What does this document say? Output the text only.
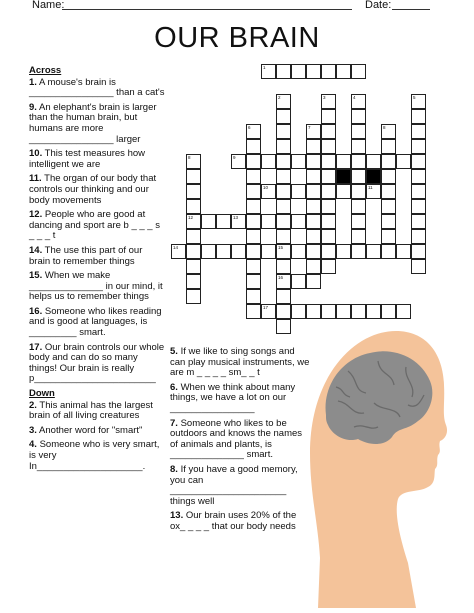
Name:	Date:
OUR BRAIN
Across
1. A mouse's brain is ________________ than a cat's
9. An elephant's brain is larger than the human brain, but humans are more ________________ larger
10. This test measures how intelligent we are
11. The organ of our body that controls our thinking and our body movements
12. People who are good at dancing and sport are b _ _ _ s _ _ _ t
14. The use this part of our brain to remember things
15. When we make ______________ in our mind, it helps us to remember things
16. Someone who likes reading and is good at languages, is _________ smart.
17. Our brain controls our whole body and can do so many things! Our brain is really p_______________________
Down
2. This animal has the largest brain of all living creatures
3. Another word for "smart"
4. Someone who is very smart, is very In____________________.
5. If we like to sing songs and can play musical instruments, we are m _ _ _ _ sm_ _ t
6. When we think about many things, we have a lot on our ________________
7. Someone who likes to be outdoors and knows the names of animals and plants, is ______________ smart.
8. If you have a good memory, you can ______________________ things well
13. Our brain uses 20% of the ox_ _ _ _ that our body needs
1
9
10	11
12	13
14	15
16
17
2	3	4	5
6	7	8
8
